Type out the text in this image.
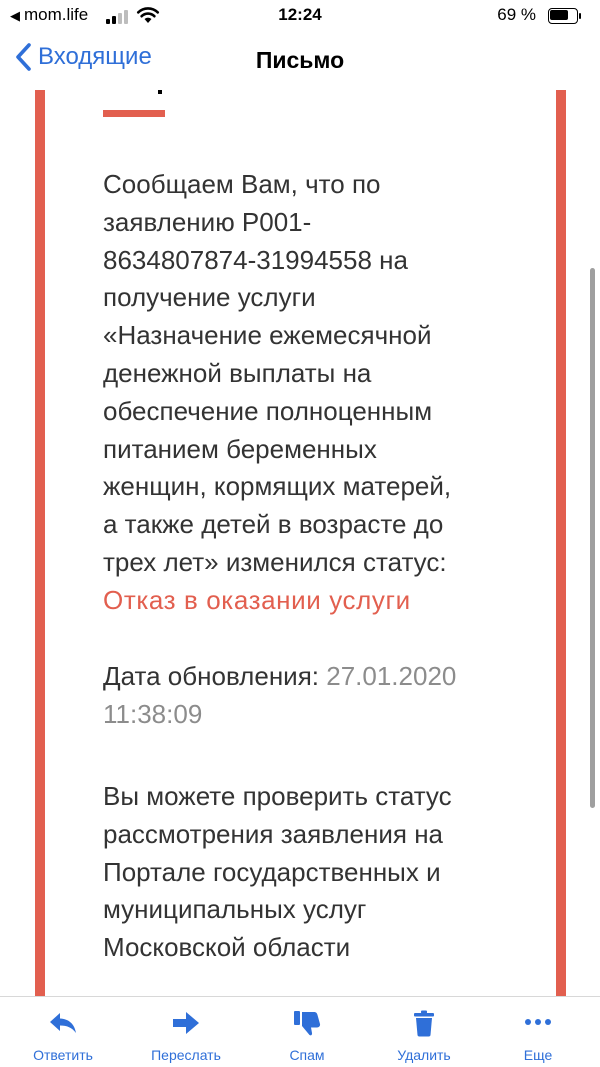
◀ mom.life	12:24	69 %
Входящие	Письмо
Сообщаем Вам, что по
заявлению P001-
8634807874-31994558 на
получение услуги
«Назначение ежемесячной
денежной выплаты на
обеспечение полноценным
питанием беременных
женщин, кормящих матерей,
а также детей в возрасте до
трех лет» изменился статус:
Отказ в оказании услуги
Дата обновления: 27.01.2020
11:38:09
Вы можете проверить статус
рассмотрения заявления на
Портале государственных и
муниципальных услуг
Московской области
Ответить	Переслать	Спам	Удалить	Еще
